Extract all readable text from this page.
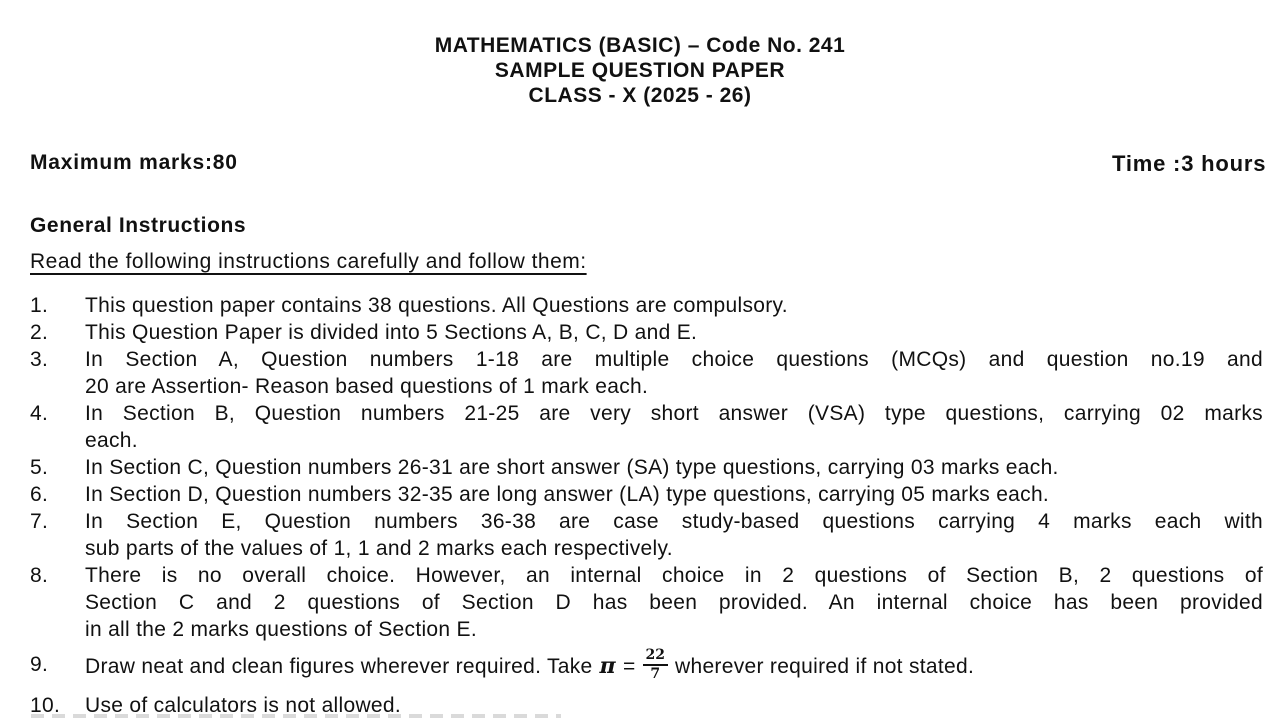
MATHEMATICS (BASIC) – Code No. 241
SAMPLE QUESTION PAPER
CLASS - X (2025 - 26)
Maximum marks:80	Time :3 hours
General Instructions
Read the following instructions carefully and follow them:
1.	This question paper contains 38 questions. All Questions are compulsory.
2.	This Question Paper is divided into 5 Sections A, B, C, D and E.
3.	In Section A, Question numbers 1-18 are multiple choice questions (MCQs) and question no.19 and
20 are Assertion- Reason based questions of 1 mark each.
4.	In Section B, Question numbers 21-25 are very short answer (VSA) type questions, carrying 02 marks
each.
5.	In Section C, Question numbers 26-31 are short answer (SA) type questions, carrying 03 marks each.
6.	In Section D, Question numbers 32-35 are long answer (LA) type questions, carrying 05 marks each.
7.	In Section E, Question numbers 36-38 are case study-based questions carrying 4 marks each with
sub parts of the values of 1, 1 and 2 marks each respectively.
8.	There is no overall choice. However, an internal choice in 2 questions of Section B, 2 questions of
Section C and 2 questions of Section D has been provided. An internal choice has been provided
in all the 2 marks questions of Section E.
9.	Draw neat and clean figures wherever required. Take $\pi = \frac{22}{7}$ wherever required if not stated.
10.	Use of calculators is not allowed.
